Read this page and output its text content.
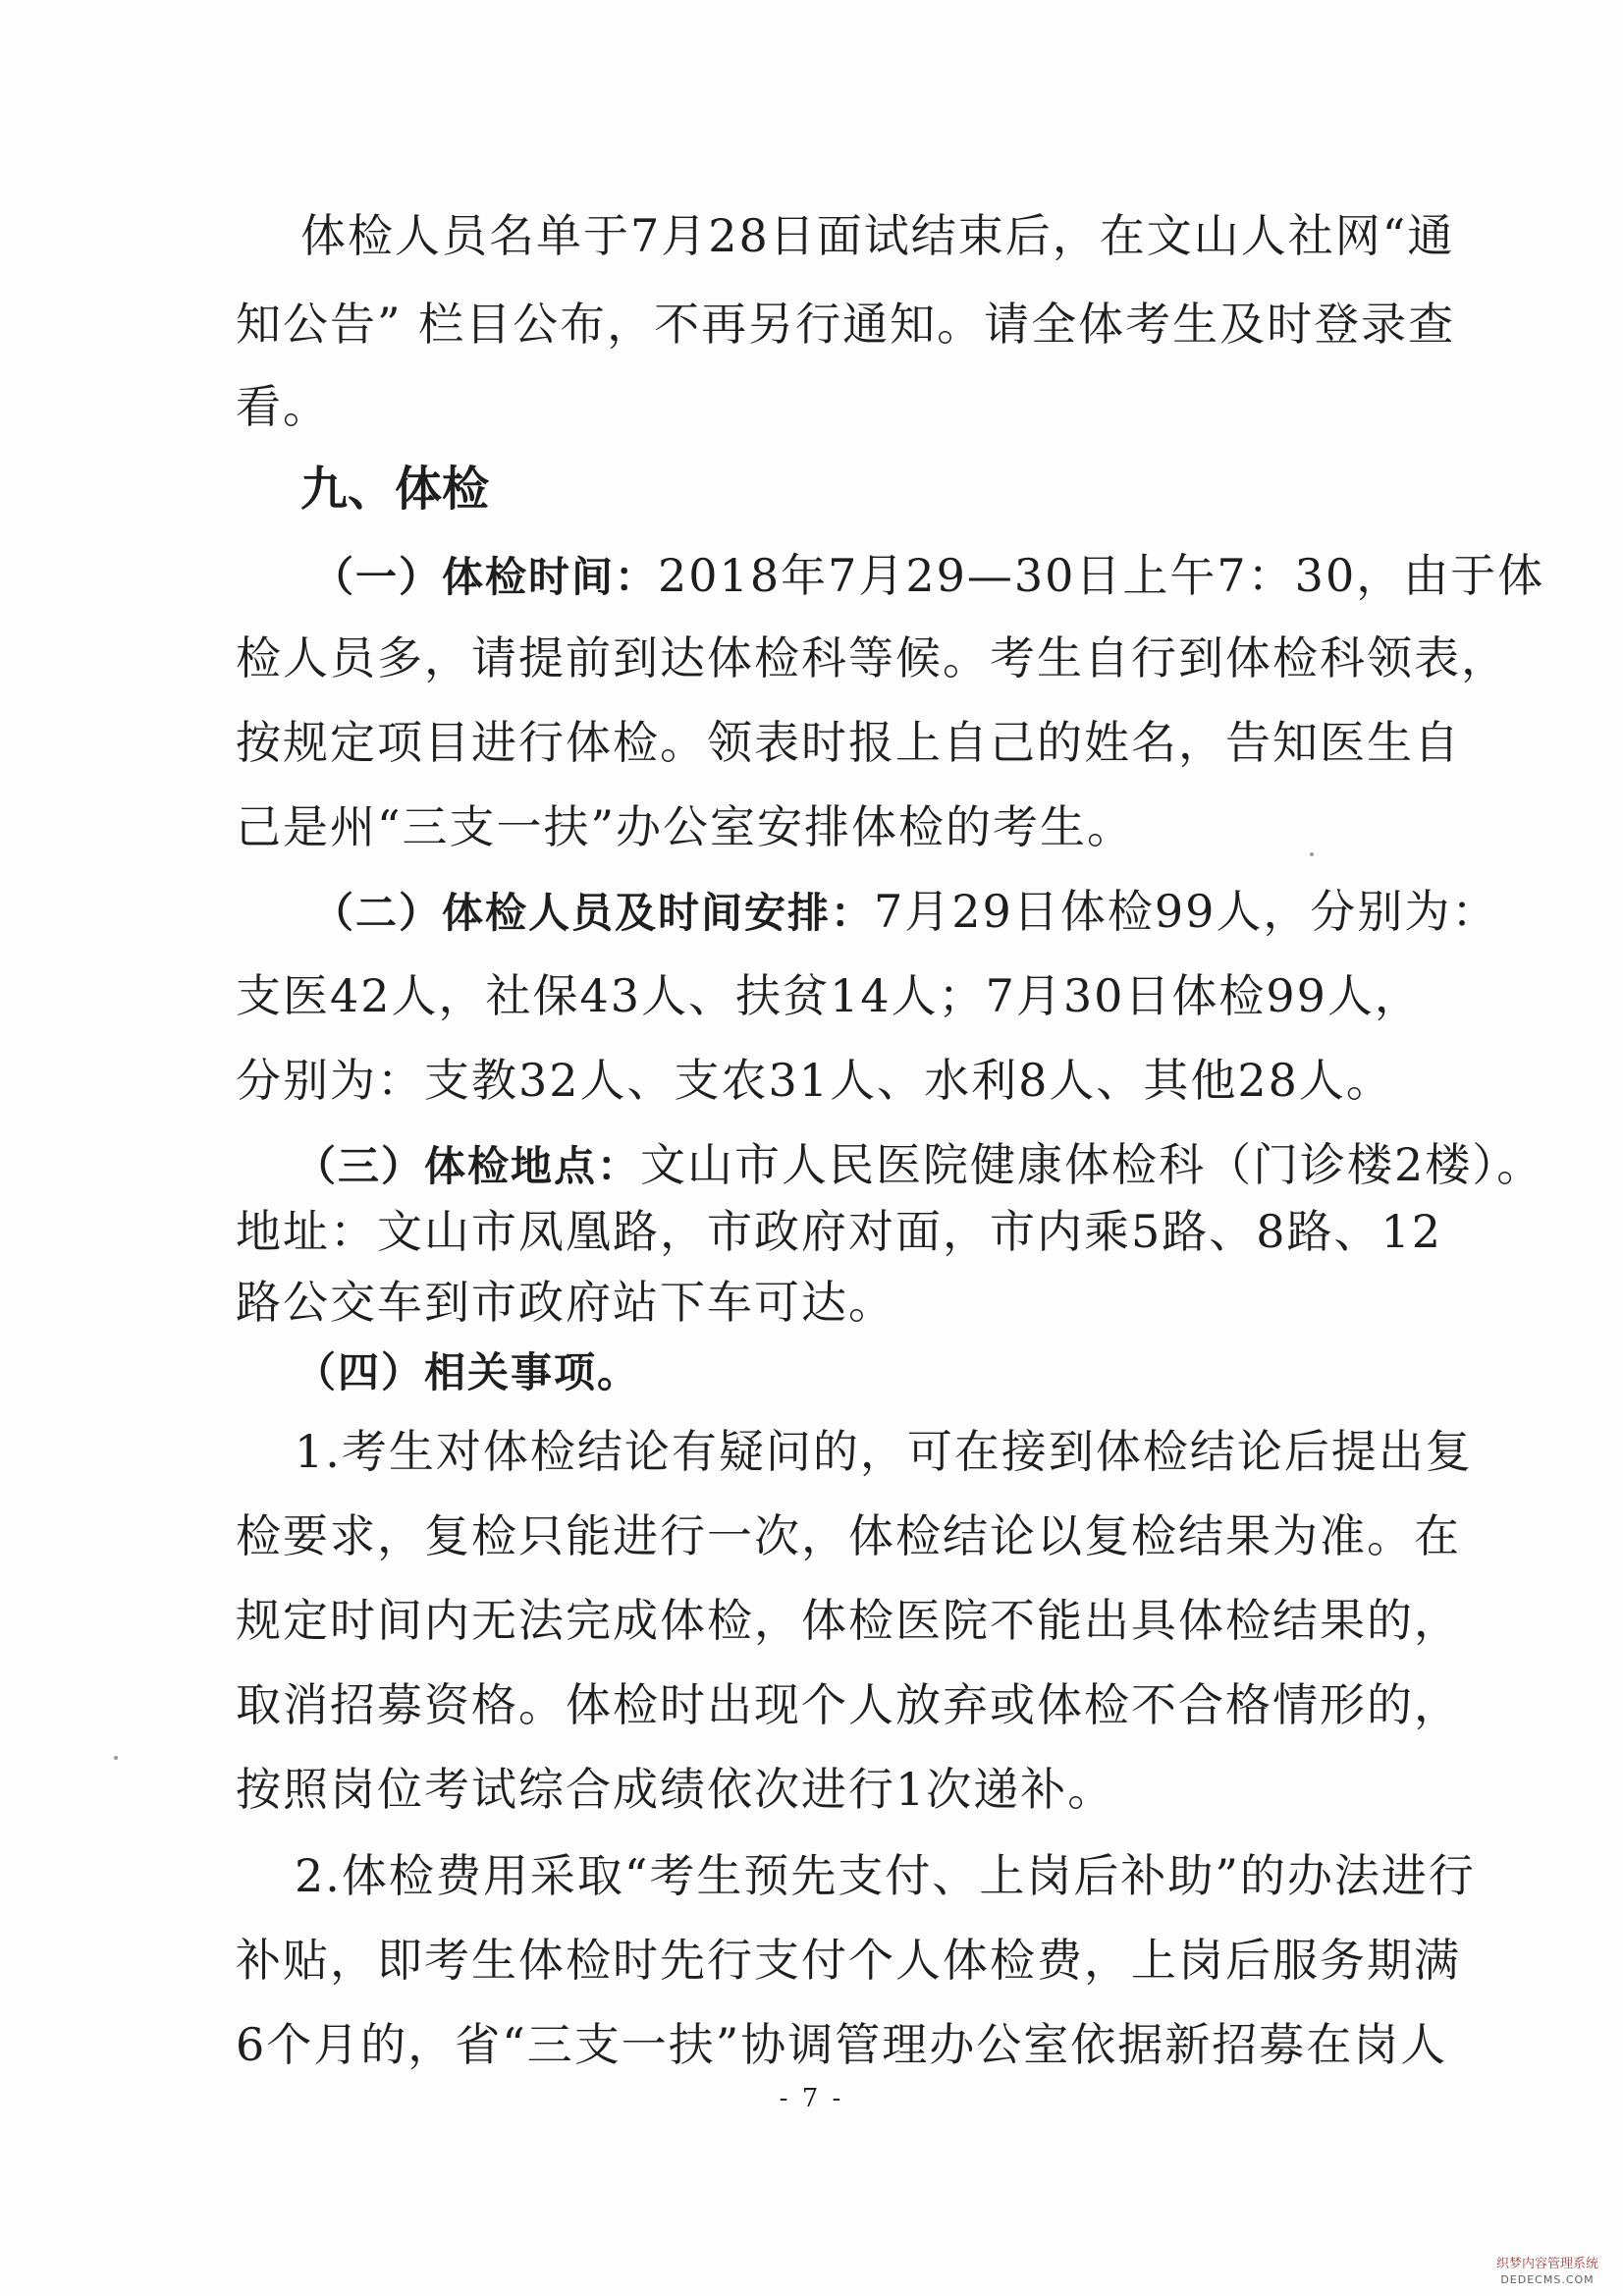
体检人员名单于7月28日面试结束后，在文山人社网“通
知公告” 栏目公布，不再另行通知。请全体考生及时登录查
看。
九、体检
（一）体检时间：2018年7月29—30日上午7：30，由于体
检人员多，请提前到达体检科等候。考生自行到体检科领表，
按规定项目进行体检。领表时报上自己的姓名，告知医生自
己是州“三支一扶”办公室安排体检的考生。
（二）体检人员及时间安排：7月29日体检99人，分别为：
支医42人，社保43人、扶贫14人；7月30日体检99人，
分别为：支教32人、支农31人、水利8人、其他28人。
（三）体检地点：文山市人民医院健康体检科（门诊楼2楼）。
地址：文山市凤凰路，市政府对面，市内乘5路、8路、12
路公交车到市政府站下车可达。
（四）相关事项。
1.考生对体检结论有疑问的，可在接到体检结论后提出复
检要求，复检只能进行一次，体检结论以复检结果为准。在
规定时间内无法完成体检，体检医院不能出具体检结果的，
取消招募资格。体检时出现个人放弃或体检不合格情形的，
按照岗位考试综合成绩依次进行1次递补。
2.体检费用采取“考生预先支付、上岗后补助”的办法进行
补贴，即考生体检时先行支付个人体检费，上岗后服务期满
6个月的，省“三支一扶”协调管理办公室依据新招募在岗人
- 7 -
织梦内容管理系统
DEDECMS.COM
